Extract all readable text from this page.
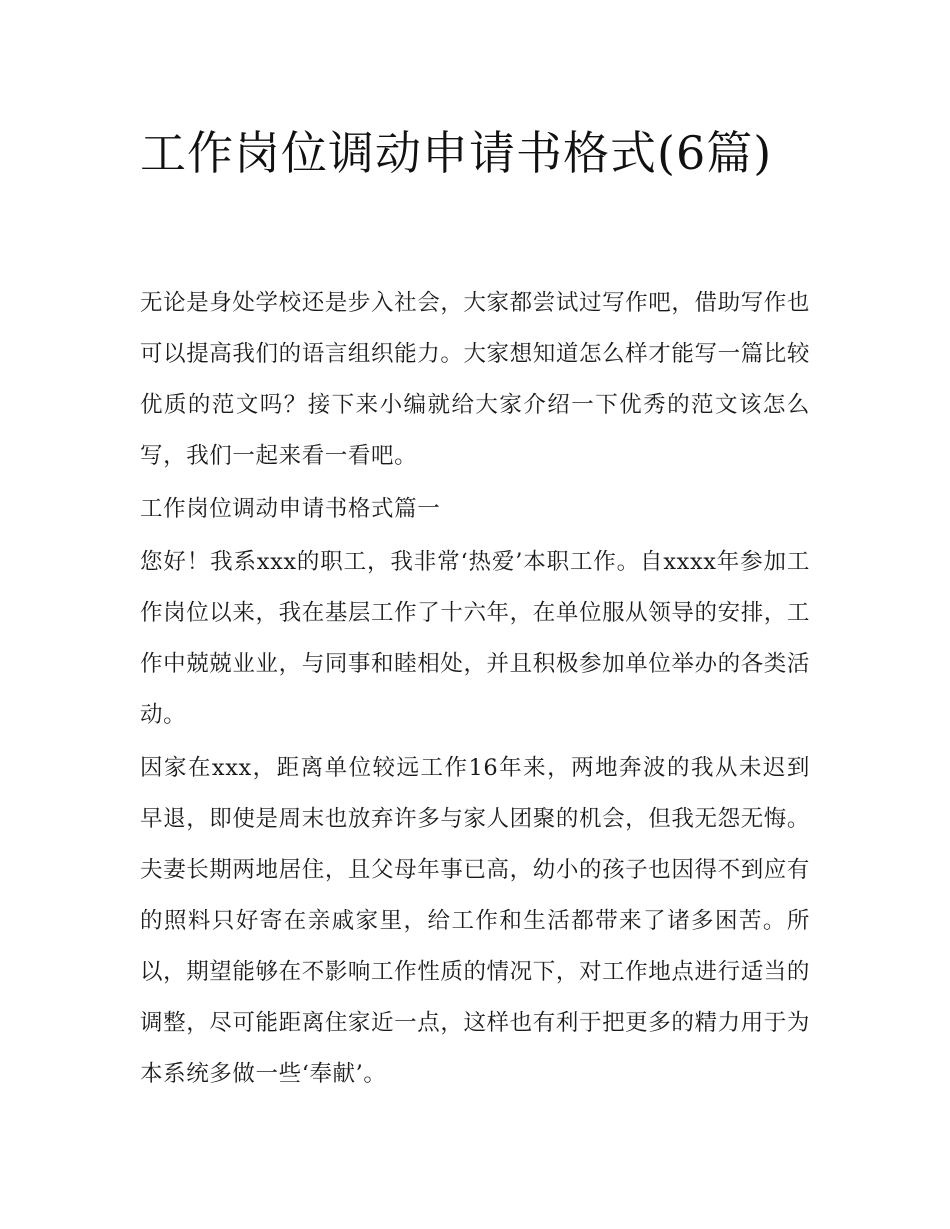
工作岗位调动申请书格式(6篇)

无论是身处学校还是步入社会，大家都尝试过写作吧，借助写作也可以提高我们的语言组织能力。大家想知道怎么样才能写一篇比较优质的范文吗？接下来小编就给大家介绍一下优秀的范文该怎么写，我们一起来看一看吧。

工作岗位调动申请书格式篇一

您好！我系xxx的职工，我非常‘热爱’本职工作。自xxxx年参加工作岗位以来，我在基层工作了十六年，在单位服从领导的安排，工作中兢兢业业，与同事和睦相处，并且积极参加单位举办的各类活动。

因家在xxx，距离单位较远工作16年来，两地奔波的我从未迟到早退，即使是周末也放弃许多与家人团聚的机会，但我无怨无悔。夫妻长期两地居住，且父母年事已高，幼小的孩子也因得不到应有的照料只好寄在亲戚家里，给工作和生活都带来了诸多困苦。所以，期望能够在不影响工作性质的情况下，对工作地点进行适当的调整，尽可能距离住家近一点，这样也有利于把更多的精力用于为本系统多做一些‘奉献’。
